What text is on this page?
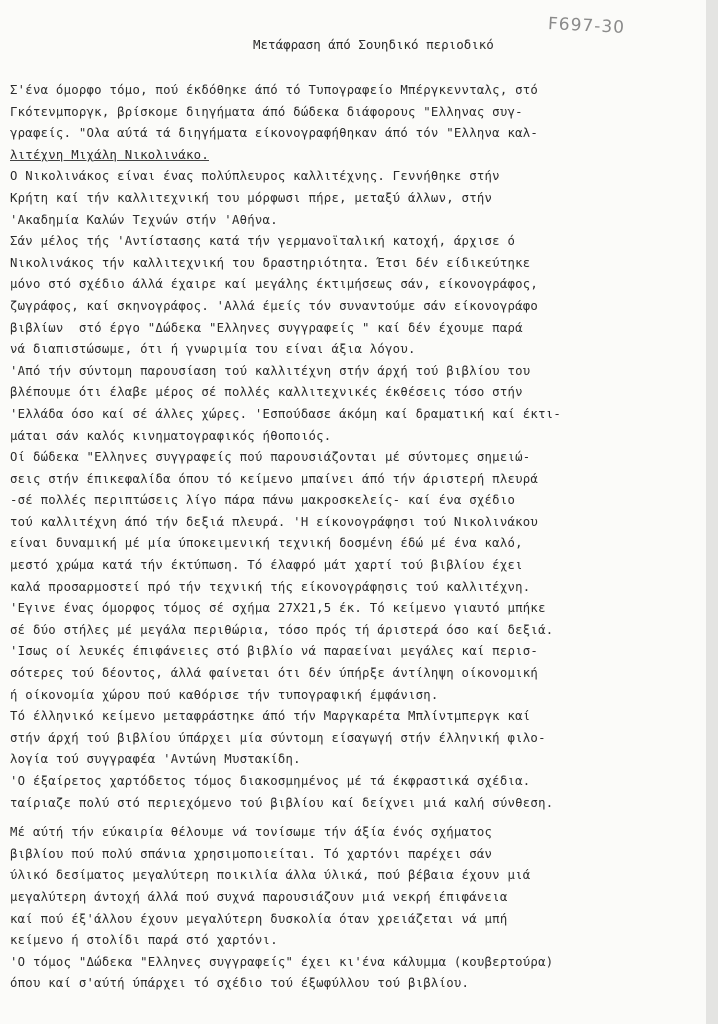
F697-30
Μετάφραση άπό Σουηδικό περιοδικό
Σ'ένα όμορφο τόμο, πού έκδόθηκε άπό τό Τυπογραφείο Μπέργκεννταλς, στό
Γκότενμποργκ, βρίσκομε διηγήματα άπό δώδεκα διάφορους "Ελληνας συγ-
γραφείς. "Ολα αύτά τά διηγήματα είκονογραφήθηκαν άπό τόν "Ελληνα καλ-
λιτέχνη Μιχάλη Νικολινάκο.
Ο Νικολινάκος είναι ένας πολύπλευρος καλλιτέχνης. Γεννήθηκε στήν
Κρήτη καί τήν καλλιτεχνική του μόρφωσι πήρε, μεταξύ άλλων, στήν
'Ακαδημία Καλών Τεχνών στήν 'Αθήνα.
Σάν μέλος τής 'Αντίστασης κατά τήν γερμανοϊταλική κατοχή, άρχισε ό
Νικολινάκος τήν καλλιτεχνική του δραστηριότητα. Έτσι δέν είδικεύτηκε
μόνο στό σχέδιο άλλά έχαιρε καί μεγάλης έκτιμήσεως σάν, είκονογράφος,
ζωγράφος, καί σκηνογράφος. 'Αλλά έμείς τόν συναντούμε σάν είκονογράφο
βιβλίων  στό έργο "Δώδεκα "Ελληνες συγγραφείς " καί δέν έχουμε παρά
νά διαπιστώσωμε, ότι ή γνωριμία του είναι άξια λόγου.
'Από τήν σύντομη παρουσίαση τού καλλιτέχνη στήν άρχή τού βιβλίου του
βλέπουμε ότι έλαβε μέρος σέ πολλές καλλιτεχνικές έκθέσεις τόσο στήν
'Ελλάδα όσο καί σέ άλλες χώρες. 'Εσπούδασε άκόμη καί δραματική καί έκτι-
μάται σάν καλός κινηματογραφικός ήθοποιός.
Οί δώδεκα "Ελληνες συγγραφείς πού παρουσιάζονται μέ σύντομες σημειώ-
σεις στήν έπικεφαλίδα όπου τό κείμενο μπαίνει άπό τήν άριστερή πλευρά
-σέ πολλές περιπτώσεις λίγο πάρα πάνω μακροσκελείς- καί ένα σχέδιο
τού καλλιτέχνη άπό τήν δεξιά πλευρά. 'Η είκονογράφησι τού Νικολινάκου
είναι δυναμική μέ μία ύποκειμενική τεχνική δοσμένη έδώ μέ ένα καλό,
μεστό χρώμα κατά τήν έκτύπωση. Τό έλαφρό μάτ χαρτί τού βιβλίου έχει
καλά προσαρμοστεί πρό τήν τεχνική τής είκονογράφησις τού καλλιτέχνη.
'Εγινε ένας όμορφος τόμος σέ σχήμα 27Χ21,5 έκ. Τό κείμενο γιαυτό μπήκε
σέ δύο στήλες μέ μεγάλα περιθώρια, τόσο πρός τή άριστερά όσο καί δεξιά.
'Ισως οί λευκές έπιφάνειες στό βιβλίο νά παραείναι μεγάλες καί περισ-
σότερες τού δέοντος, άλλά φαίνεται ότι δέν ύπήρξε άντίληψη οίκονομική
ή οίκονομία χώρου πού καθόρισε τήν τυπογραφική έμφάνιση.
Τό έλληνικό κείμενο μεταφράστηκε άπό τήν Μαργκαρέτα Μπλίντμπεργκ καί
στήν άρχή τού βιβλίου ύπάρχει μία σύντομη είσαγωγή στήν έλληνική φιλο-
λογία τού συγγραφέα 'Αντώνη Μυστακίδη.
'Ο έξαίρετος χαρτόδετος τόμος διακοσμημένος μέ τά έκφραστικά σχέδια.
ταίριαζε πολύ στό περιεχόμενο τού βιβλίου καί δείχνει μιά καλή σύνθεση.
Μέ αύτή τήν εύκαιρία θέλουμε νά τονίσωμε τήν άξία ένός σχήματος
βιβλίου πού πολύ σπάνια χρησιμοποιείται. Τό χαρτόνι παρέχει σάν
ύλικό δεσίματος μεγαλύτερη ποικιλία άλλα ύλικά, πού βέβαια έχουν μιά
μεγαλύτερη άντοχή άλλά πού συχνά παρουσιάζουν μιά νεκρή έπιφάνεια
καί πού έξ'άλλου έχουν μεγαλύτερη δυσκολία όταν χρειάζεται νά μπή
κείμενο ή στολίδι παρά στό χαρτόνι.
'Ο τόμος "Δώδεκα "Ελληνες συγγραφείς" έχει κι'ένα κάλυμμα (κουβερτούρα)
όπου καί σ'αύτή ύπάρχει τό σχέδιο τού έξωφύλλου τού βιβλίου.
